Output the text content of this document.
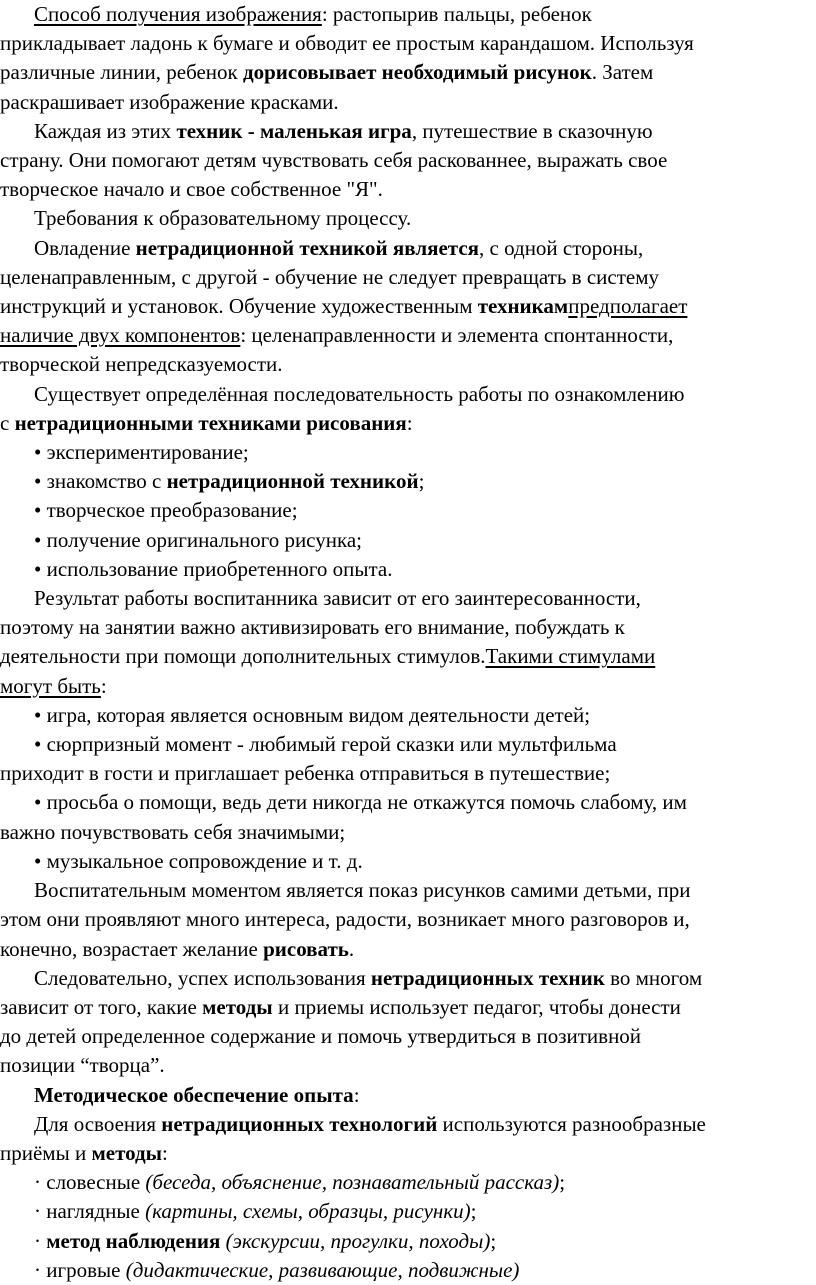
Способ получения изображения: растопырив пальцы, ребенок
прикладывает ладонь к бумаге и обводит ее простым карандашом. Используя
различные линии, ребенок дорисовывает необходимый рисунок. Затем
раскрашивает изображение красками.
Каждая из этих техник - маленькая игра, путешествие в сказочную
страну. Они помогают детям чувствовать себя раскованнее, выражать свое
творческое начало и свое собственное "Я".
Требования к образовательному процессу.
Овладение нетрадиционной техникой является, с одной стороны,
целенаправленным, с другой - обучение не следует превращать в систему
инструкций и установок. Обучение художественным техникампредполагает
наличие двух компонентов: целенаправленности и элемента спонтанности,
творческой непредсказуемости.
Существует определённая последовательность работы по ознакомлению
с нетрадиционными техниками рисования:
• экспериментирование;
• знакомство с нетрадиционной техникой;
• творческое преобразование;
• получение оригинального рисунка;
• использование приобретенного опыта.
Результат работы воспитанника зависит от его заинтересованности,
поэтому на занятии важно активизировать его внимание, побуждать к
деятельности при помощи дополнительных стимулов.Такими стимулами
могут быть:
• игра, которая является основным видом деятельности детей;
• сюрпризный момент - любимый герой сказки или мультфильма
приходит в гости и приглашает ребенка отправиться в путешествие;
• просьба о помощи, ведь дети никогда не откажутся помочь слабому, им
важно почувствовать себя значимыми;
• музыкальное сопровождение и т. д.
Воспитательным моментом является показ рисунков самими детьми, при
этом они проявляют много интереса, радости, возникает много разговоров и,
конечно, возрастает желание рисовать.
Следовательно, успех использования нетрадиционных техник во многом
зависит от того, какие методы и приемы использует педагог, чтобы донести
до детей определенное содержание и помочь утвердиться в позитивной
позиции “творца”.
Методическое обеспечение опыта:
Для освоения нетрадиционных технологий используются разнообразные
приёмы и методы:
· словесные (беседа, объяснение, познавательный рассказ);
· наглядные (картины, схемы, образцы, рисунки);
· метод наблюдения (экскурсии, прогулки, походы);
· игровые (дидактические, развивающие, подвижные)
